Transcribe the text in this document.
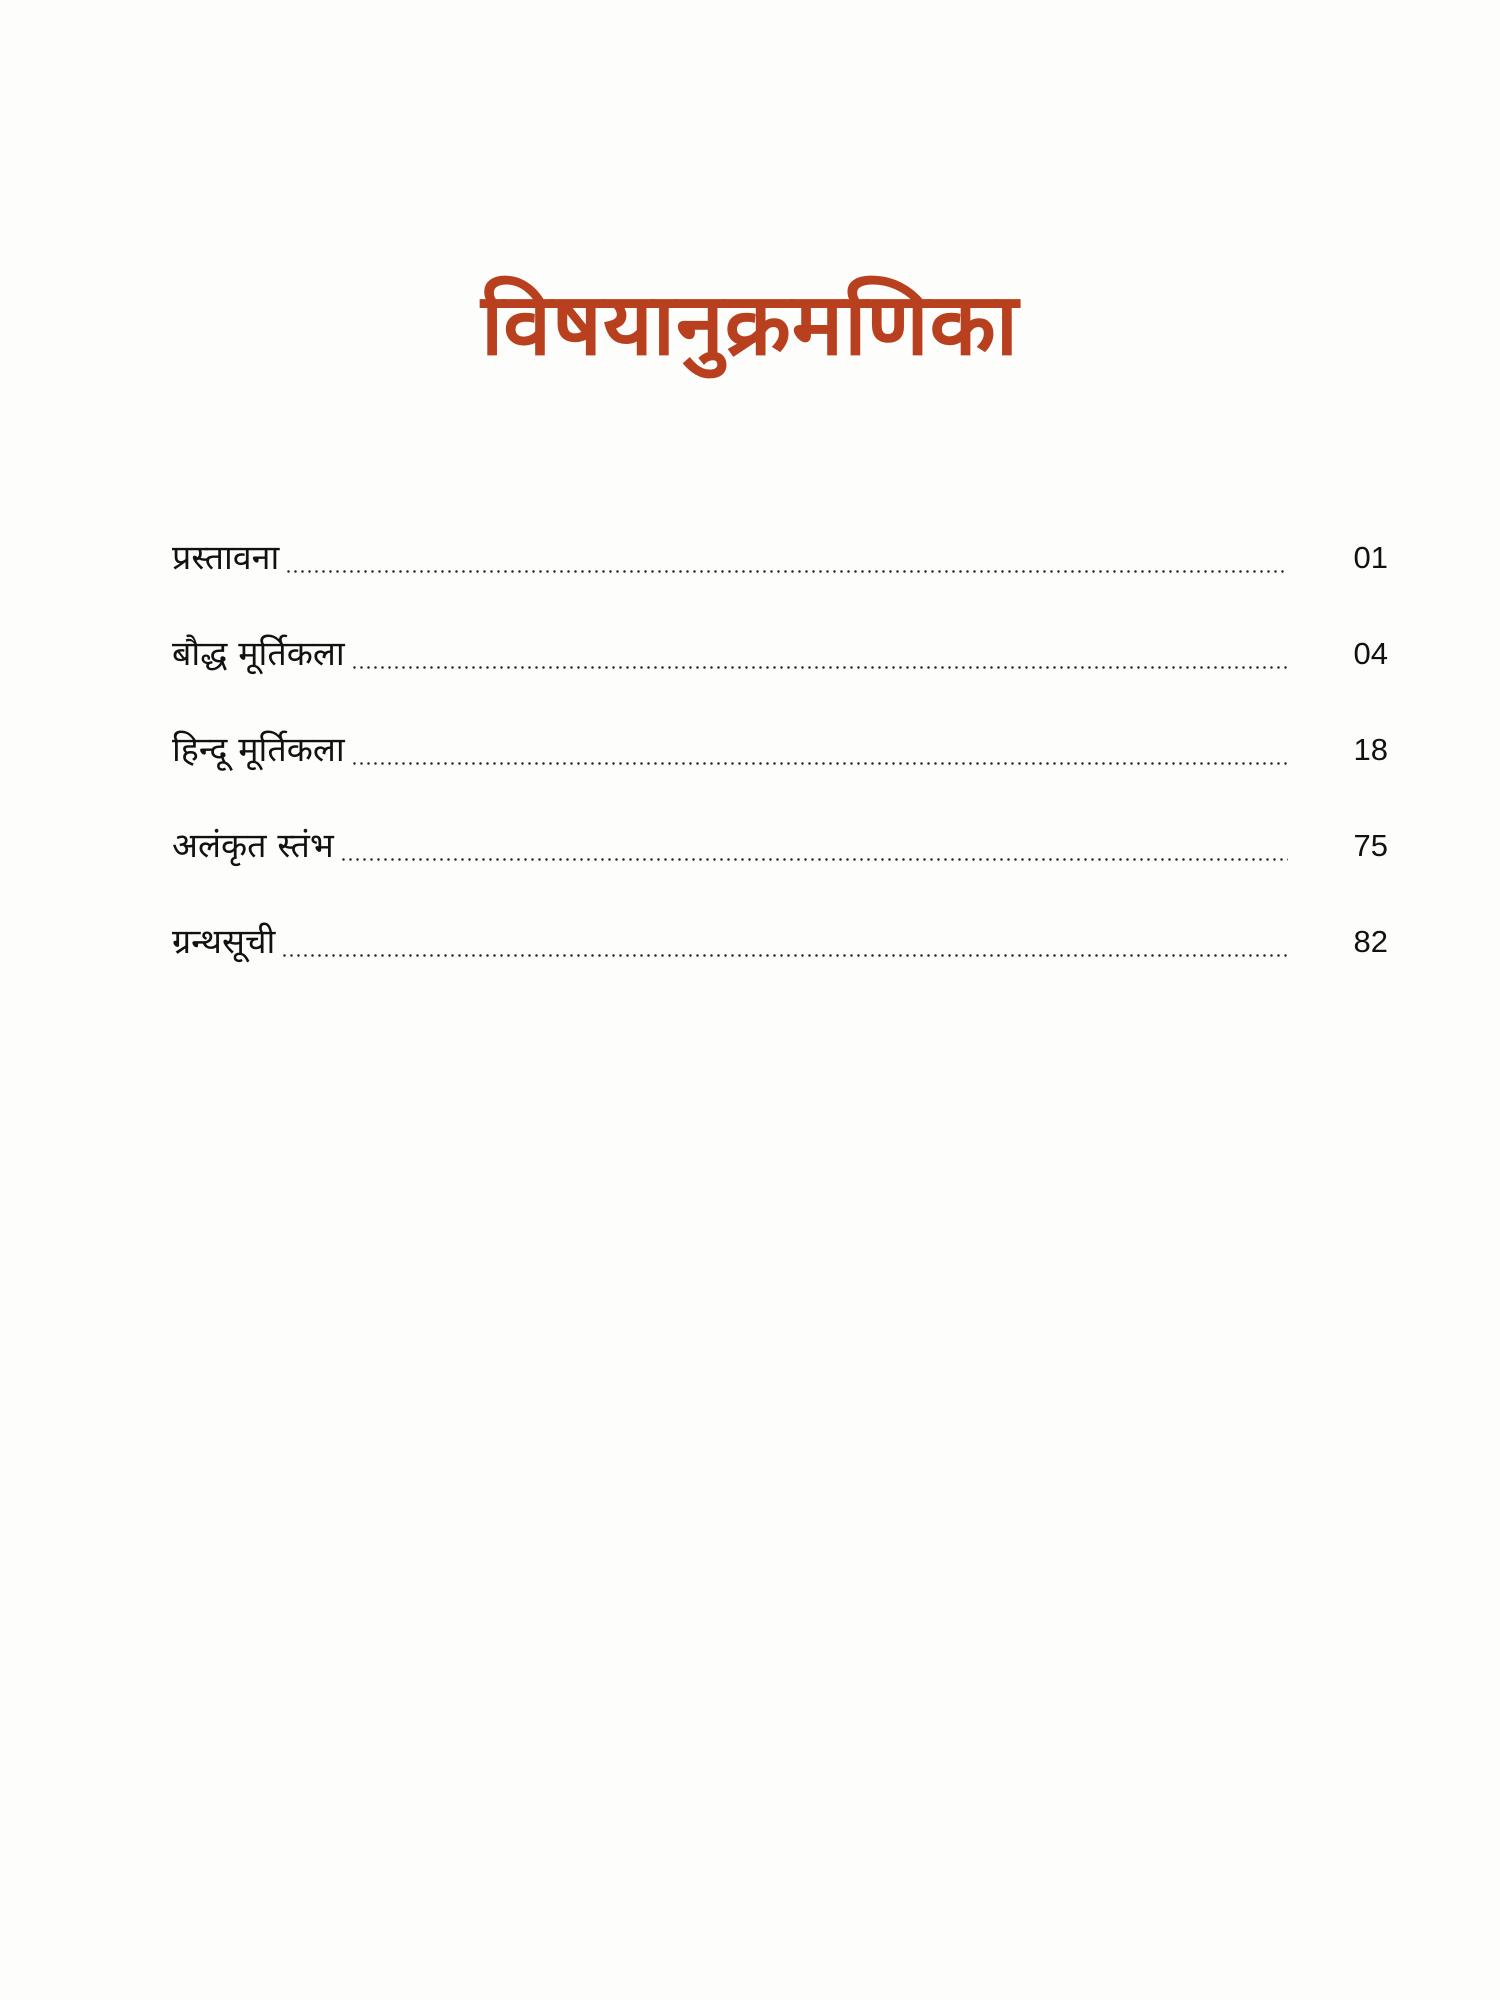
विषयानुक्रमणिका
प्रस्तावना	01
बौद्ध मूर्तिकला	04
हिन्दू मूर्तिकला	18
अलंकृत स्तंभ	75
ग्रन्थसूची	82
